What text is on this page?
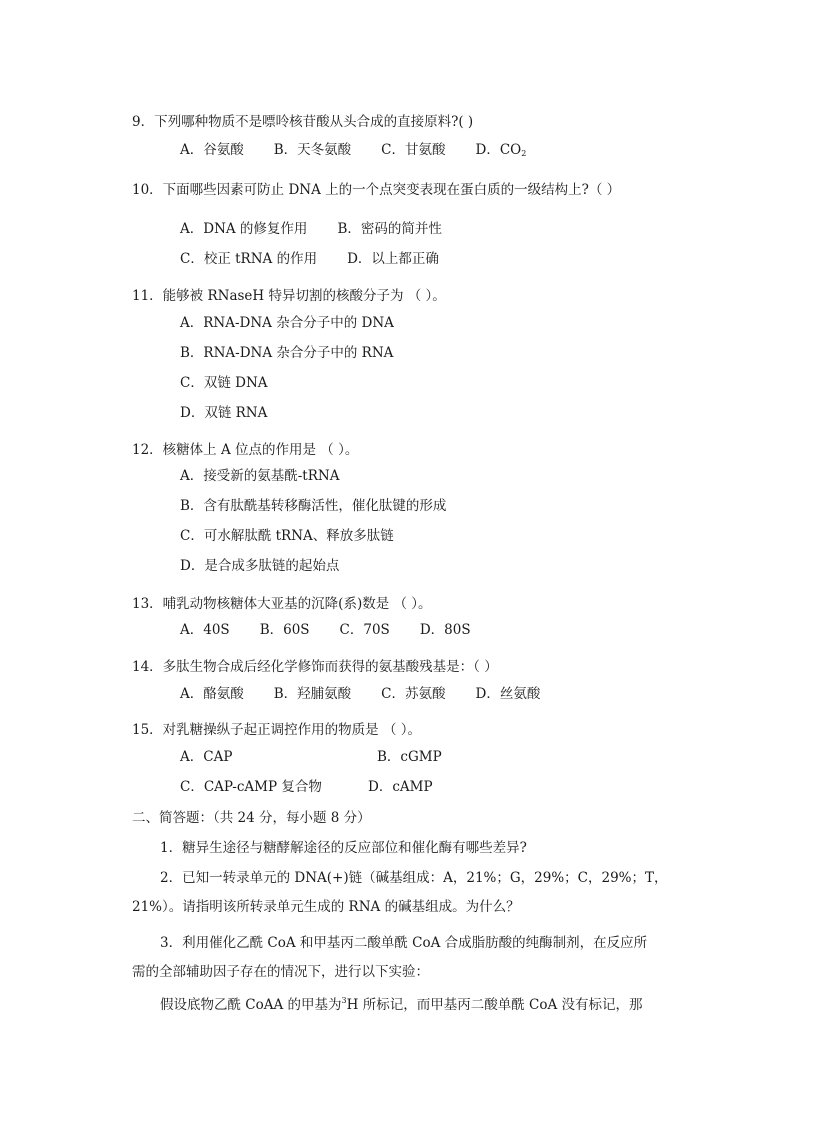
9．下列哪种物质不是嘌呤核苷酸从头合成的直接原料?( )
A．谷氨酸 B．天冬氨酸 C．甘氨酸 D．$CO_2$
10．下面哪些因素可防止 DNA 上的一个点突变表现在蛋白质的一级结构上?（ ）
A．DNA 的修复作用 B．密码的简并性
C．校正 tRNA 的作用 D．以上都正确
11．能够被 RNaseH 特异切割的核酸分子为 （ ）。
A．RNA-DNA 杂合分子中的 DNA
B．RNA-DNA 杂合分子中的 RNA
C．双链 DNA
D．双链 RNA
12．核糖体上 A 位点的作用是 （ ）。
A．接受新的氨基酰-tRNA
B．含有肽酰基转移酶活性，催化肽键的形成
C．可水解肽酰 tRNA、释放多肽链
D．是合成多肽链的起始点
13．哺乳动物核糖体大亚基的沉降(系)数是 （ ）。
A．40S B．60S C．70S D．80S
14．多肽生物合成后经化学修饰而获得的氨基酸残基是：（ ）
A．酪氨酸 B．羟脯氨酸 C．苏氨酸 D．丝氨酸
15．对乳糖操纵子起正调控作用的物质是 （ ）。
A．CAP	B．cGMP
C．CAP-cAMP 复合物	D．cAMP
二、简答题：（共 24 分，每小题 8 分）
1．糖异生途径与糖酵解途径的反应部位和催化酶有哪些差异?
2．已知一转录单元的 DNA(+)链（碱基组成：A，21%；G，29%；C，29%；T，
21%）。请指明该所转录单元生成的 RNA 的碱基组成。为什么？
3．利用催化乙酰 CoA 和甲基丙二酸单酰 CoA 合成脂肪酸的纯酶制剂，在反应所
需的全部辅助因子存在的情况下，进行以下实验：
假设底物乙酰 CoAA 的甲基为$^3$H 所标记，而甲基丙二酸单酰 CoA 没有标记，那
